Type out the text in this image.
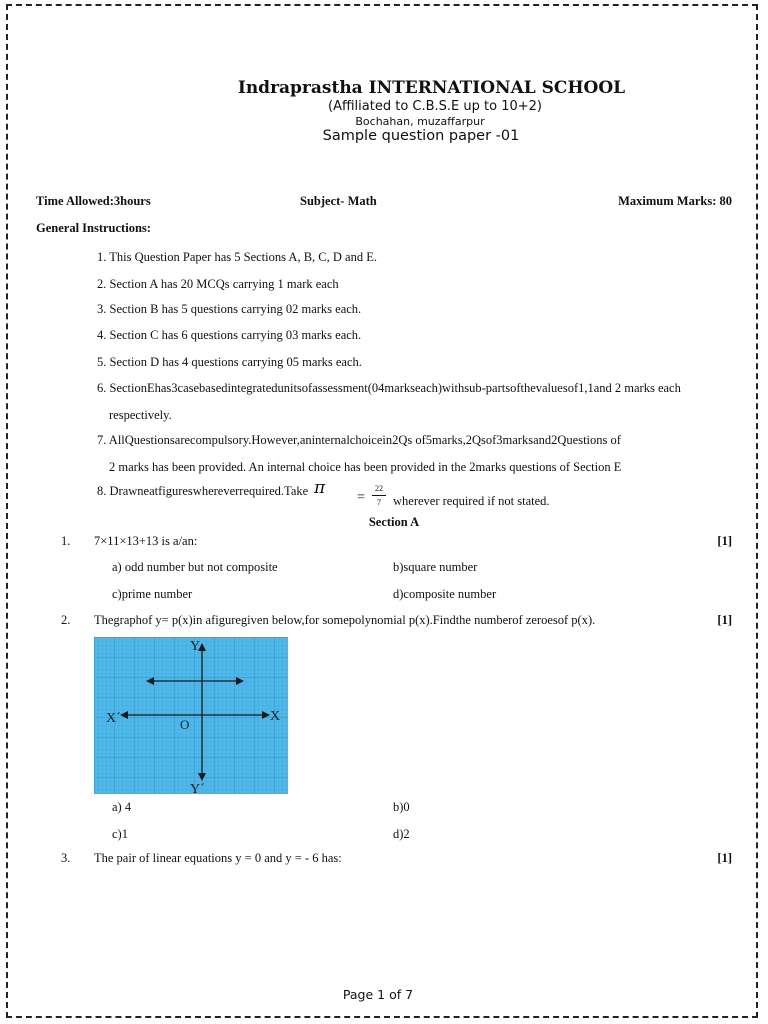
Indraprastha INTERNATIONAL SCHOOL
(Affiliated to C.B.S.E up to 10+2)
Bochahan, muzaffarpur
Sample question paper -01
Time Allowed:3hours	Subject- Math	Maximum Marks: 80
General Instructions:
1. This Question Paper has 5 Sections A, B, C, D and E.
2. Section A has 20 MCQs carrying 1 mark each
3. Section B has 5 questions carrying 02 marks each.
4. Section C has 6 questions carrying 03 marks each.
5. Section D has 4 questions carrying 05 marks each.
6. SectionEhas3casebasedintegratedunitsofassessment(04markseach)withsub-partsofthevaluesof1,1and 2 marks each
respectively.
7. AllQuestionsarecompulsory.However,aninternalchoicein2Qs of5marks,2Qsof3marksand2Questions of
2 marks has been provided. An internal choice has been provided in the 2marks questions of Section E
8. Drawneatfigureswhereverrequired.Take $\pi = \frac{22}{7}$ wherever required if not stated.
Section A
1. 7×11×13+13 is a/an:	[1]
a) odd number but not composite	b)square number
c)prime number	d)composite number
2. Thegraphof y= p(x)in afiguregiven below,for somepolynomial p(x).Findthe numberof zeroesof p(x).	[1]
Y
Y´
X
X´	O
a) 4	b)0
c)1	d)2
3. The pair of linear equations y = 0 and y = - 6 has:	[1]
Page 1 of 7
